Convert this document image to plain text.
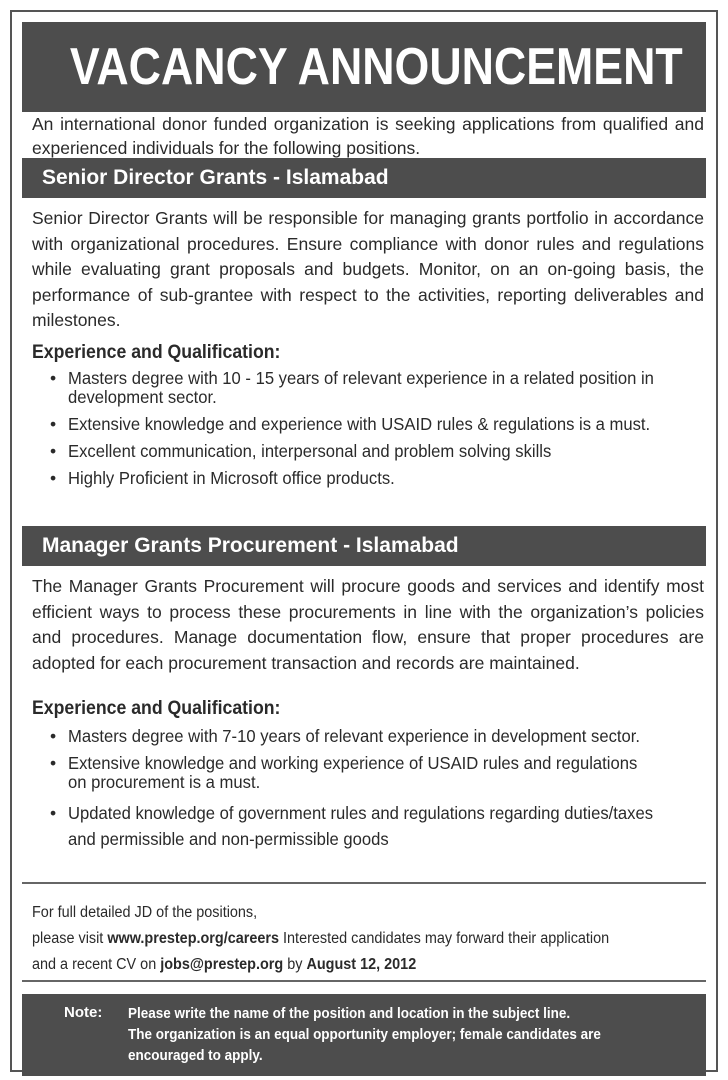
VACANCY ANNOUNCEMENT
An international donor funded organization is seeking applications from qualified and experienced individuals for the following positions.
Senior Director Grants - Islamabad
Senior Director Grants will be responsible for managing grants portfolio in accordance with organizational procedures. Ensure compliance with donor rules and regulations while evaluating grant proposals and budgets. Monitor, on an on-going basis, the performance of sub-grantee with respect to the activities, reporting deliverables and milestones.
Experience and Qualification:
• Masters degree with 10 - 15 years of relevant experience in a related position in development sector.
• Extensive knowledge and experience with USAID rules & regulations is a must.
• Excellent communication, interpersonal and problem solving skills
• Highly Proficient in Microsoft office products.
Manager Grants Procurement - Islamabad
The Manager Grants Procurement will procure goods and services and identify most efficient ways to process these procurements in line with the organization’s policies and procedures. Manage documentation flow, ensure that proper procedures are adopted for each procurement transaction and records are maintained.
Experience and Qualification:
• Masters degree with 7-10 years of relevant experience in development sector.
• Extensive knowledge and working experience of USAID rules and regulations on procurement is a must.
• Updated knowledge of government rules and regulations regarding duties/taxes and permissible and non-permissible goods
For full detailed JD of the positions,
please visit www.prestep.org/careers Interested candidates may forward their application
and a recent CV on jobs@prestep.org by August 12, 2012
Note: Please write the name of the position and location in the subject line.
The organization is an equal opportunity employer; female candidates are
encouraged to apply.
